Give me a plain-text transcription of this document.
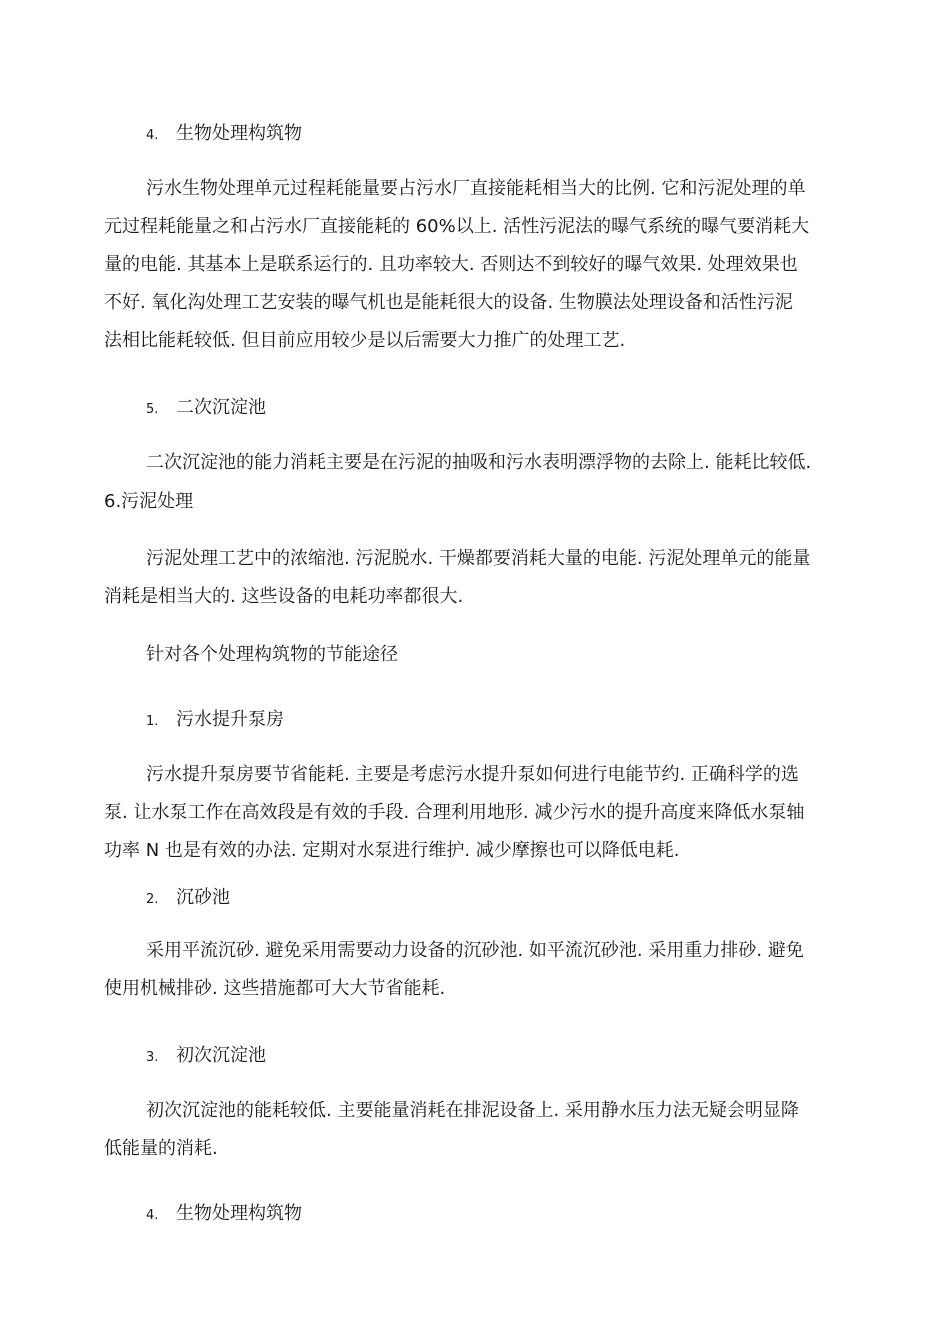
4. 生物处理构筑物
污水生物处理单元过程耗能量要占污水厂直接能耗相当大的比例. 它和污泥处理的单
元过程耗能量之和占污水厂直接能耗的 60%以上. 活性污泥法的曝气系统的曝气要消耗大
量的电能. 其基本上是联系运行的. 且功率较大. 否则达不到较好的曝气效果. 处理效果也
不好. 氧化沟处理工艺安装的曝气机也是能耗很大的设备. 生物膜法处理设备和活性污泥
法相比能耗较低. 但目前应用较少是以后需要大力推广的处理工艺.
5. 二次沉淀池
二次沉淀池的能力消耗主要是在污泥的抽吸和污水表明漂浮物的去除上. 能耗比较低.
6.污泥处理
污泥处理工艺中的浓缩池. 污泥脱水. 干燥都要消耗大量的电能. 污泥处理单元的能量
消耗是相当大的. 这些设备的电耗功率都很大.
针对各个处理构筑物的节能途径
1. 污水提升泵房
污水提升泵房要节省能耗. 主要是考虑污水提升泵如何进行电能节约. 正确科学的选
泵. 让水泵工作在高效段是有效的手段. 合理利用地形. 减少污水的提升高度来降低水泵轴
功率 N 也是有效的办法. 定期对水泵进行维护. 减少摩擦也可以降低电耗.
2. 沉砂池
采用平流沉砂. 避免采用需要动力设备的沉砂池. 如平流沉砂池. 采用重力排砂. 避免
使用机械排砂. 这些措施都可大大节省能耗.
3. 初次沉淀池
初次沉淀池的能耗较低. 主要能量消耗在排泥设备上. 采用静水压力法无疑会明显降
低能量的消耗.
4. 生物处理构筑物
